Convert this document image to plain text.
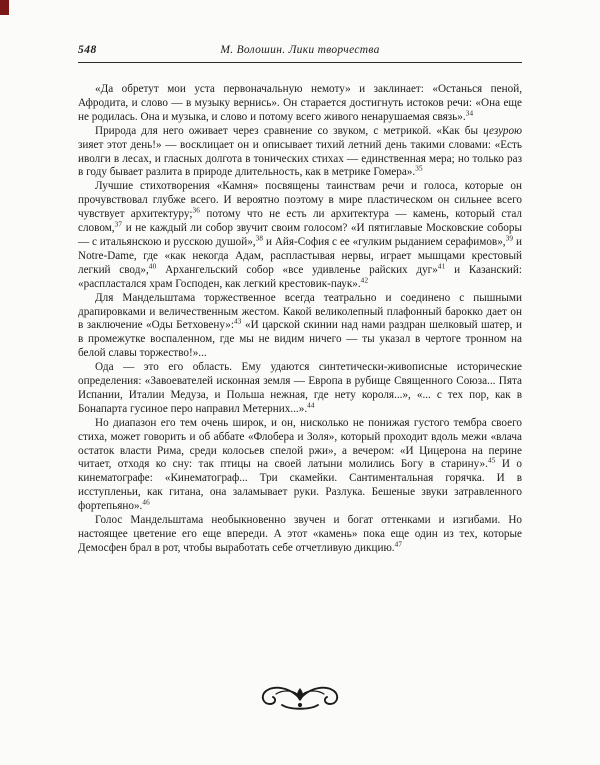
548	М. Волошин. Лики творчества

«Да обретут мои уста первоначальную немоту» и заклинает: «Останься пеной, Афродита, и слово — в музыку вернись». Он старается достигнуть истоков речи: «Она еще не родилась. Она и музыка, и слово и потому всего живого ненарушаемая связь».$^{34}$

Природа для него оживает через сравнение со звуком, с метрикой. «Как бы цезурою зияет этот день!» — восклицает он и описывает тихий летний день такими словами: «Есть иволги в лесах, и гласных долгота в тонических стихах — единственная мера; но только раз в году бывает разлита в природе длительность, как в метрике Гомера».$^{35}$

Лучшие стихотворения «Камня» посвящены таинствам речи и голоса, которые он прочувствовал глубже всего. И вероятно поэтому в мире пластическом он сильнее всего чувствует архитектуру;$^{36}$ потому что не есть ли архитектура — камень, который стал словом,$^{37}$ и не каждый ли собор звучит своим голосом? «И пятиглавые Московские соборы — с итальянскою и русскою душой»,$^{38}$ и Айя-София с ее «гулким рыданием серафимов»,$^{39}$ и Notre-Dame, где «как некогда Адам, распластывая нервы, играет мышцами крестовый легкий свод»,$^{40}$ Архангельский собор «все удивленье райских дуг»$^{41}$ и Казанский: «распластался храм Господен, как легкий крестовик-паук».$^{42}$

Для Мандельштама торжественное всегда театрально и соединено с пышными драпировками и величественным жестом. Какой великолепный плафонный барокко дает он в заключение «Оды Бетховену»:$^{43}$ «И царской скинии над нами раздран шелковый шатер, и в промежутке воспаленном, где мы не видим ничего — ты указал в чертоге тронном на белой славы торжество!»...

Ода — это его область. Ему удаются синтетически-живописные исторические определения: «Завоевателей исконная земля — Европа в рубище Священного Союза... Пята Испании, Италии Медуза, и Польша нежная, где нету короля...», «... с тех пор, как в Бонапарта гусиное перо направил Метерних...».$^{44}$

Но диапазон его тем очень широк, и он, нисколько не понижая густого тембра своего стиха, может говорить и об аббате «Флобера и Золя», который проходит вдоль межи «влача остаток власти Рима, среди колосьев спелой ржи», а вечером: «И Цицерона на перине читает, отходя ко сну: так птицы на своей латыни молились Богу в старину».$^{45}$ И о кинематографе: «Кинематограф... Три скамейки. Сантиментальная горячка. И в исступленьи, как гитана, она заламывает руки. Разлука. Бешеные звуки затравленного фортепьяно».$^{46}$

Голос Мандельштама необыкновенно звучен и богат оттенками и изгибами. Но настоящее цветение его еще впереди. А этот «камень» пока еще один из тех, которые Демосфен брал в рот, чтобы выработать себе отчетливую дикцию.$^{47}$
